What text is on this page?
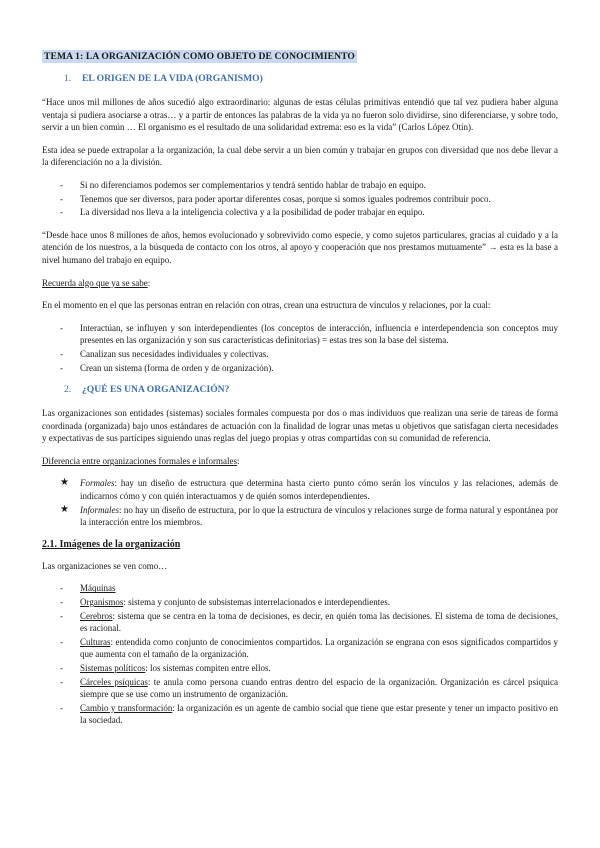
TEMA 1: LA ORGANIZACIÓN COMO OBJETO DE CONOCIMIENTO
1. EL ORIGEN DE LA VIDA (ORGANISMO)

“Hace unos mil millones de años sucedió algo extraordinario: algunas de estas células primitivas entendió que tal vez pudiera haber alguna ventaja si pudiera asociarse a otras… y a partir de entonces las palabras de la vida ya no fueron solo dividirse, sino diferenciarse, y sobre todo, servir a un bien común … El organismo es el resultado de una solidaridad extrema: eso es la vida” (Carlos López Otín).

Esta idea se puede extrapolar a la organización, la cual debe servir a un bien común y trabajar en grupos con diversidad que nos debe llevar a la diferenciación no a la división.

-	Si no diferenciamos podemos ser complementarios y tendrá sentido hablar de trabajo en equipo.
-	Tenemos que ser diversos, para poder aportar diferentes cosas, porque si somos iguales podremos contribuir poco.
-	La diversidad nos lleva a la inteligencia colectiva y a la posibilidad de poder trabajar en equipo.

“Desde hace unos 8 millones de años, hemos evolucionado y sobrevivido como especie, y como sujetos particulares, gracias al cuidado y a la atención de los nuestros, a la búsqueda de contacto con los otros, al apoyo y cooperación que nos prestamos mutuamente” → esta es la base a nivel humano del trabajo en equipo.

Recuerda algo que ya se sabe:

En el momento en el que las personas entran en relación con otras, crean una estructura de vínculos y relaciones, por la cual:

-	Interactúan, se influyen y son interdependientes (los conceptos de interacción, influencia e interdependencia son conceptos muy presentes en las organización y son sus características definitorias) = estas tres son la base del sistema.
-	Canalizan sus necesidades individuales y colectivas.
-	Crean un sistema (forma de orden y de organización).
2. ¿QUÉ ES UNA ORGANIZACIÓN?

Las organizaciones son entidades (sistemas) sociales formales compuesta por dos o mas individuos que realizan una serie de tareas de forma coordinada (organizada) bajo unos estándares de actuación con la finalidad de lograr unas metas u objetivos que satisfagan cierta necesidades y expectativas de sus partícipes siguiendo unas reglas del juego propias y otras compartidas con su comunidad de referencia.

Diferencia entre organizaciones formales e informales:

★	Formales: hay un diseño de estructura que determina hasta cierto punto cómo serán los vínculos y las relaciones, además de indicarnos cómo y con quién interactuamos y de quién somos interdependientes.
★	Informales: no hay un diseño de estructura, por lo que la estructura de vínculos y relaciones surge de forma natural y espontánea por la interacción entre los miembros.
2.1. Imágenes de la organización

Las organizaciones se ven como…

-	Máquinas
-	Organismos: sistema y conjunto de subsistemas interrelacionados e interdependientes.
-	Cerebros: sistema que se centra en la toma de decisiones, es decir, en quién toma las decisiones. El sistema de toma de decisiones, es racional.
-	Culturas: entendida como conjunto de conocimientos compartidos. La organización se engrana con esos significados compartidos y que aumenta con el tamaño de la organización.
-	Sistemas políticos: los sistemas compiten entre ellos.
-	Cárceles psíquicas: te anula como persona cuando entras dentro del espacio de la organización. Organización es cárcel psíquica siempre que se use como un instrumento de organización.
-	Cambio y transformación: la organización es un agente de cambio social que tiene que estar presente y tener un impacto positivo en la sociedad.
